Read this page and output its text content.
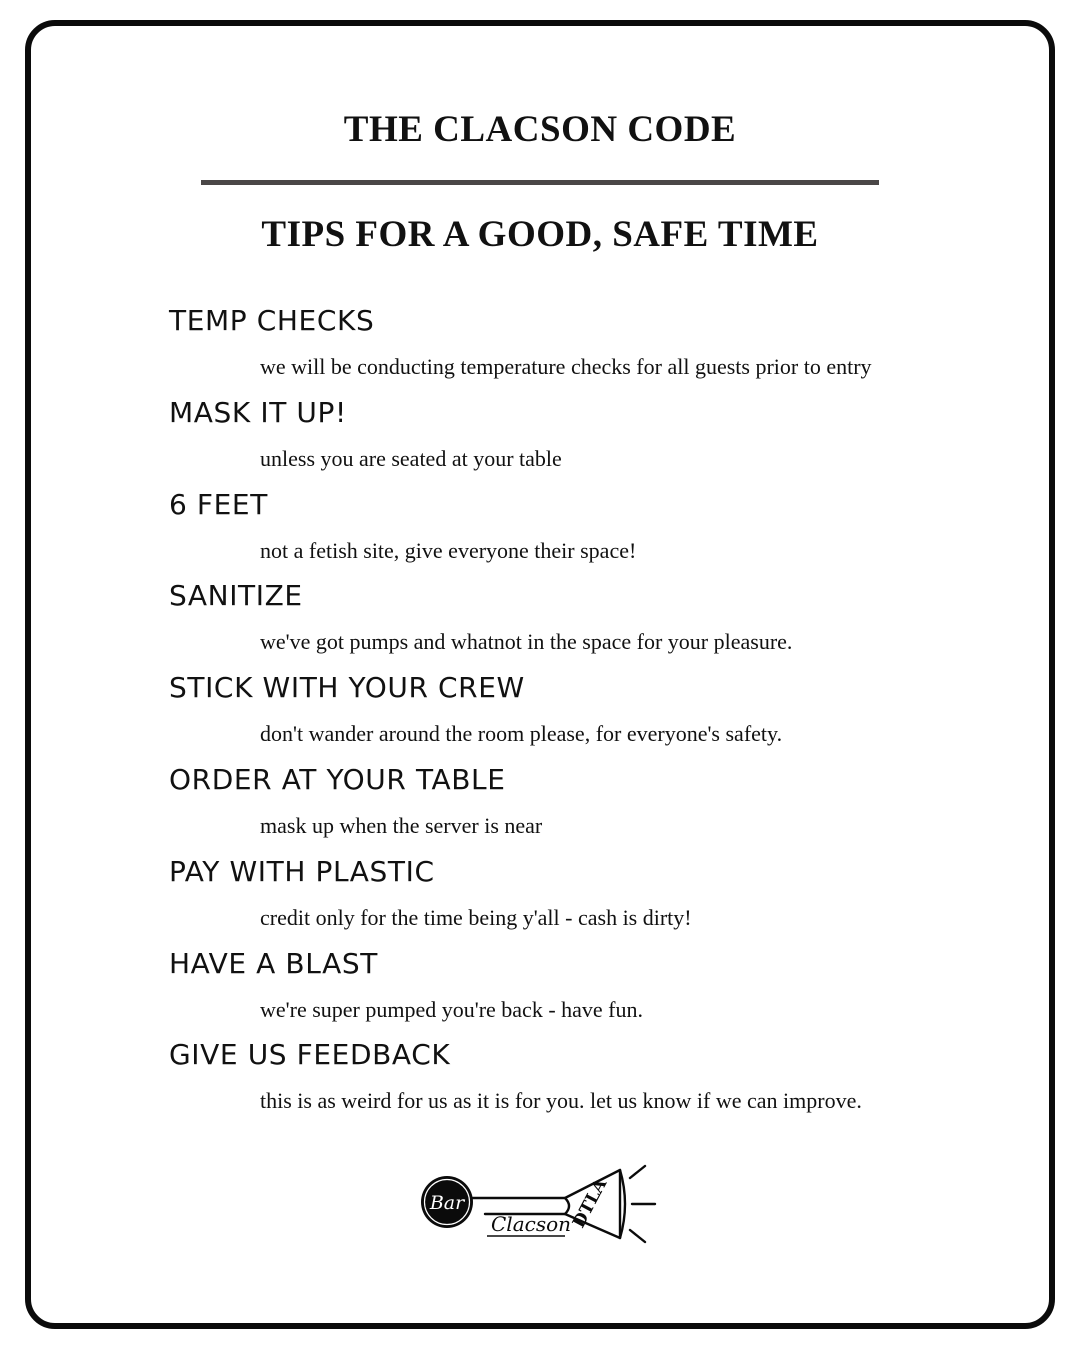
THE CLACSON CODE
TIPS FOR A GOOD, SAFE TIME
TEMP CHECKS
we will be conducting temperature checks for all guests prior to entry
MASK IT UP!
unless you are seated at your table
6 FEET
not a fetish site, give everyone their space!
SANITIZE
we've got pumps and whatnot in the space for your pleasure.
STICK WITH YOUR CREW
don't wander around the room please, for everyone's safety.
ORDER AT YOUR TABLE
mask up when the server is near
PAY WITH PLASTIC
credit only for the time being y'all - cash is dirty!
HAVE A BLAST
we're super pumped you're back - have fun.
GIVE US FEEDBACK
this is as weird for us as it is for you. let us know if we can improve.
Bar	DTLA
Clacson
